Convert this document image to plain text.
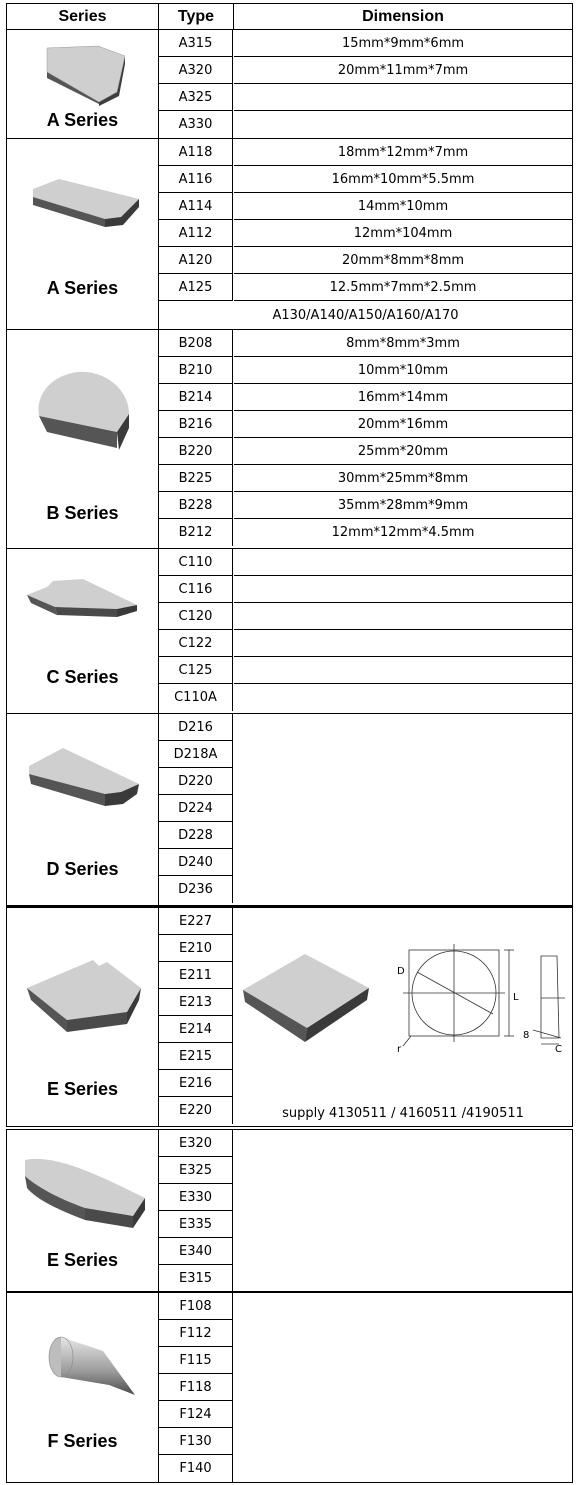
Series	Type	Dimension
A Series
A315	15mm*9mm*6mm
A320	20mm*11mm*7mm
A325
A330
A Series
A118	18mm*12mm*7mm
A116	16mm*10mm*5.5mm
A114	14mm*10mm
A112	12mm*104mm
A120	20mm*8mm*8mm
A125	12.5mm*7mm*2.5mm
A130/A140/A150/A160/A170
B Series
B208	8mm*8mm*3mm
B210	10mm*10mm
B214	16mm*14mm
B216	20mm*16mm
B220	25mm*20mm
B225	30mm*25mm*8mm
B228	35mm*28mm*9mm
B212	12mm*12mm*4.5mm
C Series
C110
C116
C120
C122
C125
C110A
D Series
D216
D218A
D220
D224
D228
D240
D236
E Series
E227
E210
E211
E213
E214
E215
E216
E220
D
L
r
8
C
supply 4130511 / 4160511 /4190511
E Series
E320
E325
E330
E335
E340
E315
F Series
F108
F112
F115
F118
F124
F130
F140
